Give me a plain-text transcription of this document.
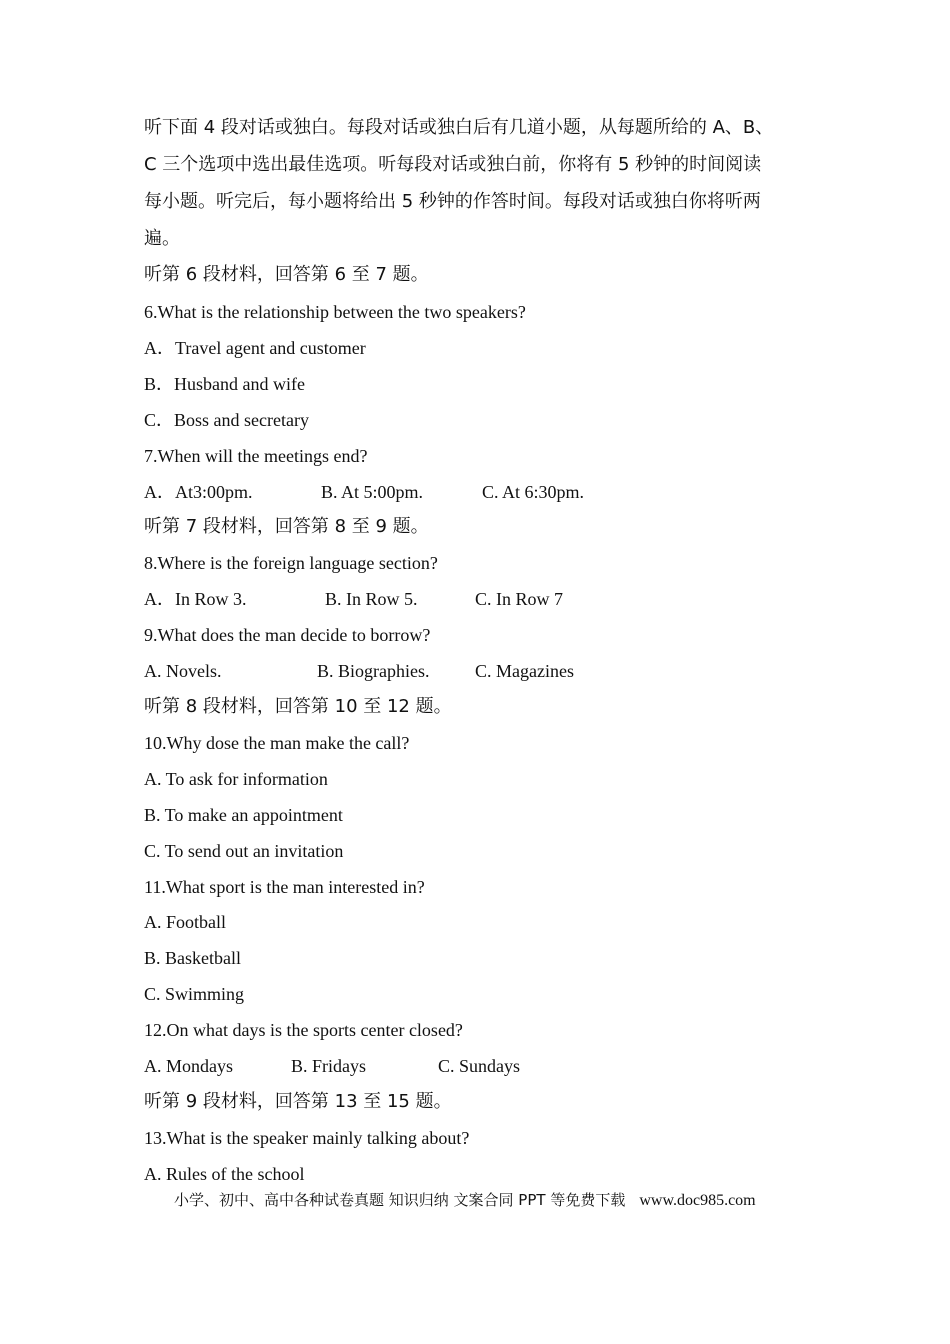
听下面 4 段对话或独白。每段对话或独白后有几道小题，从每题所给的 A、B、
C 三个选项中选出最佳选项。听每段对话或独白前，你将有 5 秒钟的时间阅读
每小题。听完后，每小题将给出 5 秒钟的作答时间。每段对话或独白你将听两
遍。
听第 6 段材料，回答第 6 至 7 题。
6.What is the relationship between the two speakers?
A．Travel agent and customer
B．Husband and wife
C．Boss and secretary
7.When will the meetings end?
A．At3:00pm.	B. At 5:00pm.	C. At 6:30pm.
听第 7 段材料，回答第 8 至 9 题。
8.Where is the foreign language section?
A．In Row 3.	B. In Row 5.	C. In Row 7
9.What does the man decide to borrow?
A. Novels.	B. Biographies.	C. Magazines
听第 8 段材料，回答第 10 至 12 题。
10.Why dose the man make the call?
A. To ask for information
B. To make an appointment
C. To send out an invitation
11.What sport is the man interested in?
A. Football
B. Basketball
C. Swimming
12.On what days is the sports center closed?
A. Mondays	B. Fridays	C. Sundays
听第 9 段材料，回答第 13 至 15 题。
13.What is the speaker mainly talking about?
A. Rules of the school
小学、初中、高中各种试卷真题 知识归纳 文案合同 PPT 等免费下载 www.doc985.com
